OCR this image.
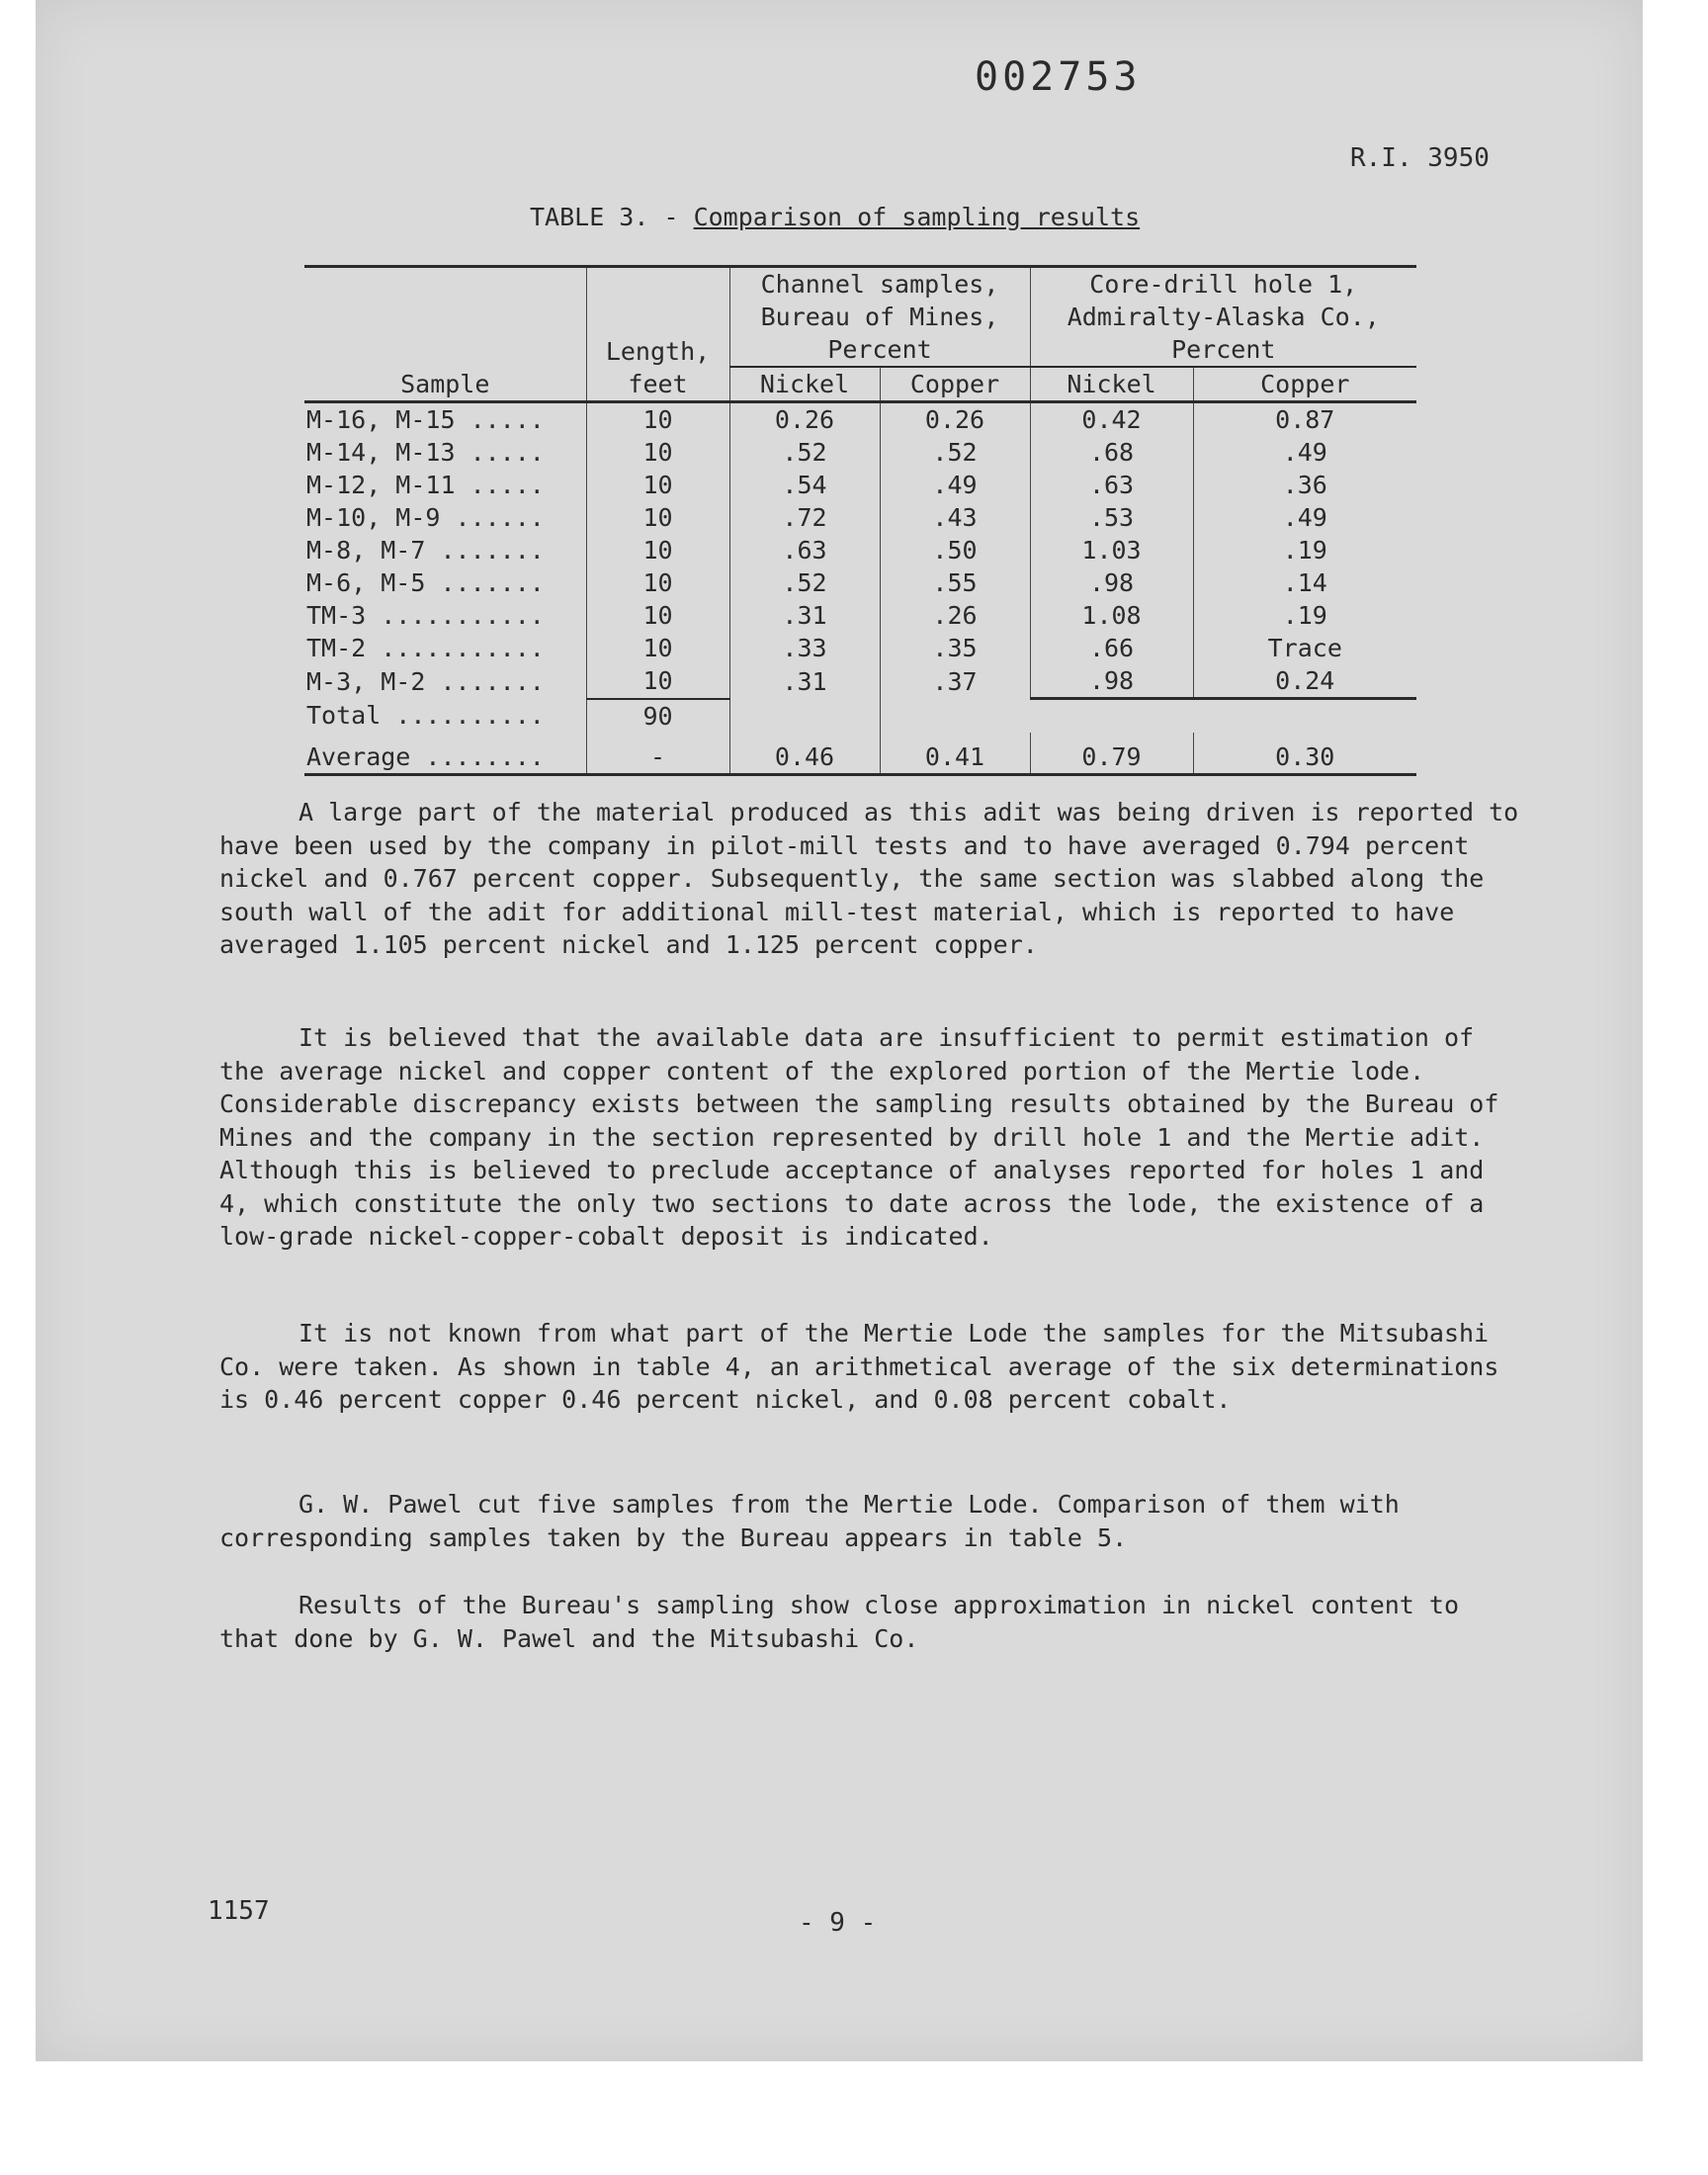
002753
R.I. 3950
TABLE 3. - Comparison of sampling results
Sample	Length, feet	Channel samples, Bureau of Mines, Percent		Core-drill hole 1, Admiralty-Alaska Co., Percent	
		Nickel	Copper	Nickel	Copper
M-16, M-15 .....	10	0.26	0.26	0.42	0.87
M-14, M-13 .....	10	.52	.52	.68	.49
M-12, M-11 .....	10	.54	.49	.63	.36
M-10, M-9 ......	10	.72	.43	.53	.49
M-8, M-7 .......	10	.63	.50	1.03	.19
M-6, M-5 .......	10	.52	.55	.98	.14
TM-3 ...........	10	.31	.26	1.08	.19
TM-2 ...........	10	.33	.35	.66	Trace
M-3, M-2 .......	10	.31	.37	.98	0.24
Total ..........	90				
Average ........	-	0.46	0.41	0.79	0.30

A large part of the material produced as this adit was being driven is reported to have been used by the company in pilot-mill tests and to have averaged 0.794 percent nickel and 0.767 percent copper. Subsequently, the same section was slabbed along the south wall of the adit for additional mill-test material, which is reported to have averaged 1.105 percent nickel and 1.125 percent copper.

It is believed that the available data are insufficient to permit estimation of the average nickel and copper content of the explored portion of the Mertie lode. Considerable discrepancy exists between the sampling results obtained by the Bureau of Mines and the company in the section represented by drill hole 1 and the Mertie adit. Although this is believed to preclude acceptance of analyses reported for holes 1 and 4, which constitute the only two sections to date across the lode, the existence of a low-grade nickel-copper-cobalt deposit is indicated.

It is not known from what part of the Mertie Lode the samples for the Mitsubashi Co. were taken. As shown in table 4, an arithmetical average of the six determinations is 0.46 percent copper 0.46 percent nickel, and 0.08 percent cobalt.

G. W. Pawel cut five samples from the Mertie Lode. Comparison of them with corresponding samples taken by the Bureau appears in table 5.

Results of the Bureau's sampling show close approximation in nickel content to that done by G. W. Pawel and the Mitsubashi Co.

1157	- 9 -
